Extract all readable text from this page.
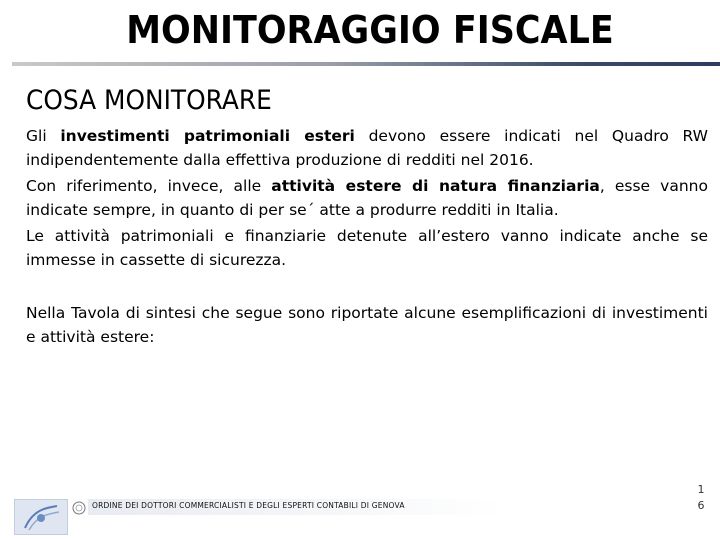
MONITORAGGIO FISCALE
COSA MONITORARE

Gli investimenti patrimoniali esteri devono essere indicati nel Quadro RW indipendentemente dalla effettiva produzione di redditi nel 2016.

Con riferimento, invece, alle attività estere di natura finanziaria, esse vanno indicate sempre, in quanto di per se´ atte a produrre redditi in Italia.

Le attività patrimoniali e finanziarie detenute all’estero vanno indicate anche se immesse in cassette di sicurezza.

Nella Tavola di sintesi che segue sono riportate alcune esemplificazioni di investimenti e attività estere:

ORDINE DEI DOTTORI COMMERCIALISTI E DEGLI ESPERTI CONTABILI DI GENOVA
1
6
